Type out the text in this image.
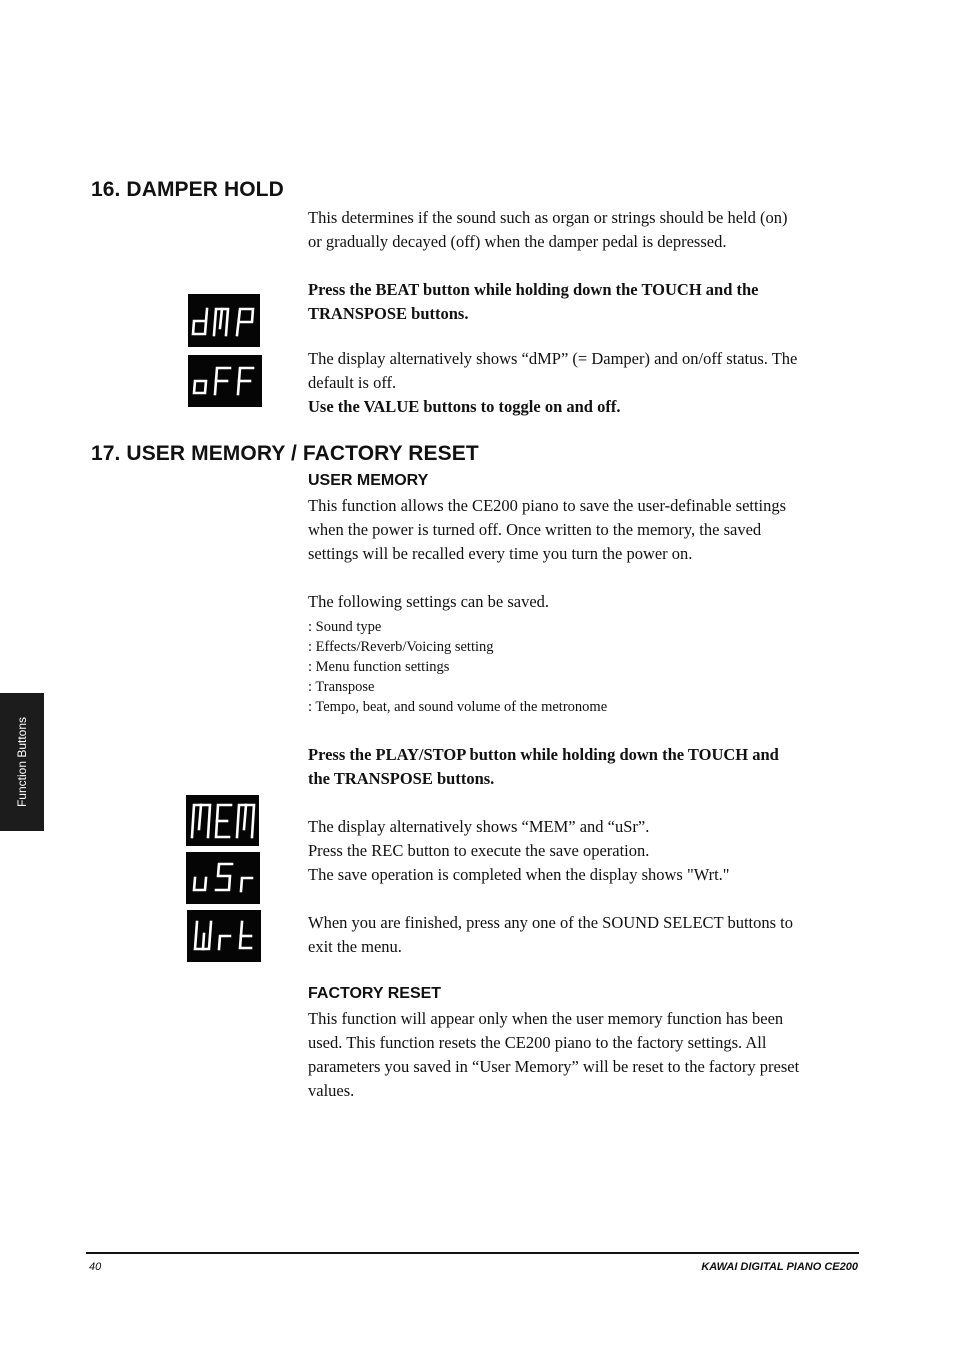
16. DAMPER HOLD

This determines if the sound such as organ or strings should be held (on)
or gradually decayed (off) when the damper pedal is depressed.

Press the BEAT button while holding down the TOUCH and the
TRANSPOSE buttons.

The display alternatively shows “dMP” (= Damper) and on/off status. The
default is off.
Use the VALUE buttons to toggle on and off.

17. USER MEMORY / FACTORY RESET
USER MEMORY

This function allows the CE200 piano to save the user-definable settings
when the power is turned off. Once written to the memory, the saved
settings will be recalled every time you turn the power on.

The following settings can be saved.

: Sound type
: Effects/Reverb/Voicing setting
: Menu function settings
: Transpose
: Tempo, beat, and sound volume of the metronome

Press the PLAY/STOP button while holding down the TOUCH and
the TRANSPOSE buttons.

The display alternatively shows “MEM” and “uSr”.
Press the REC button to execute the save operation.
The save operation is completed when the display shows "Wrt."

When you are finished, press any one of the SOUND SELECT buttons to
exit the menu.

FACTORY RESET

This function will appear only when the user memory function has been
used. This function resets the CE200 piano to the factory settings. All
parameters you saved in “User Memory” will be reset to the factory preset
values.

Function Buttons
40	KAWAI DIGITAL PIANO CE200
